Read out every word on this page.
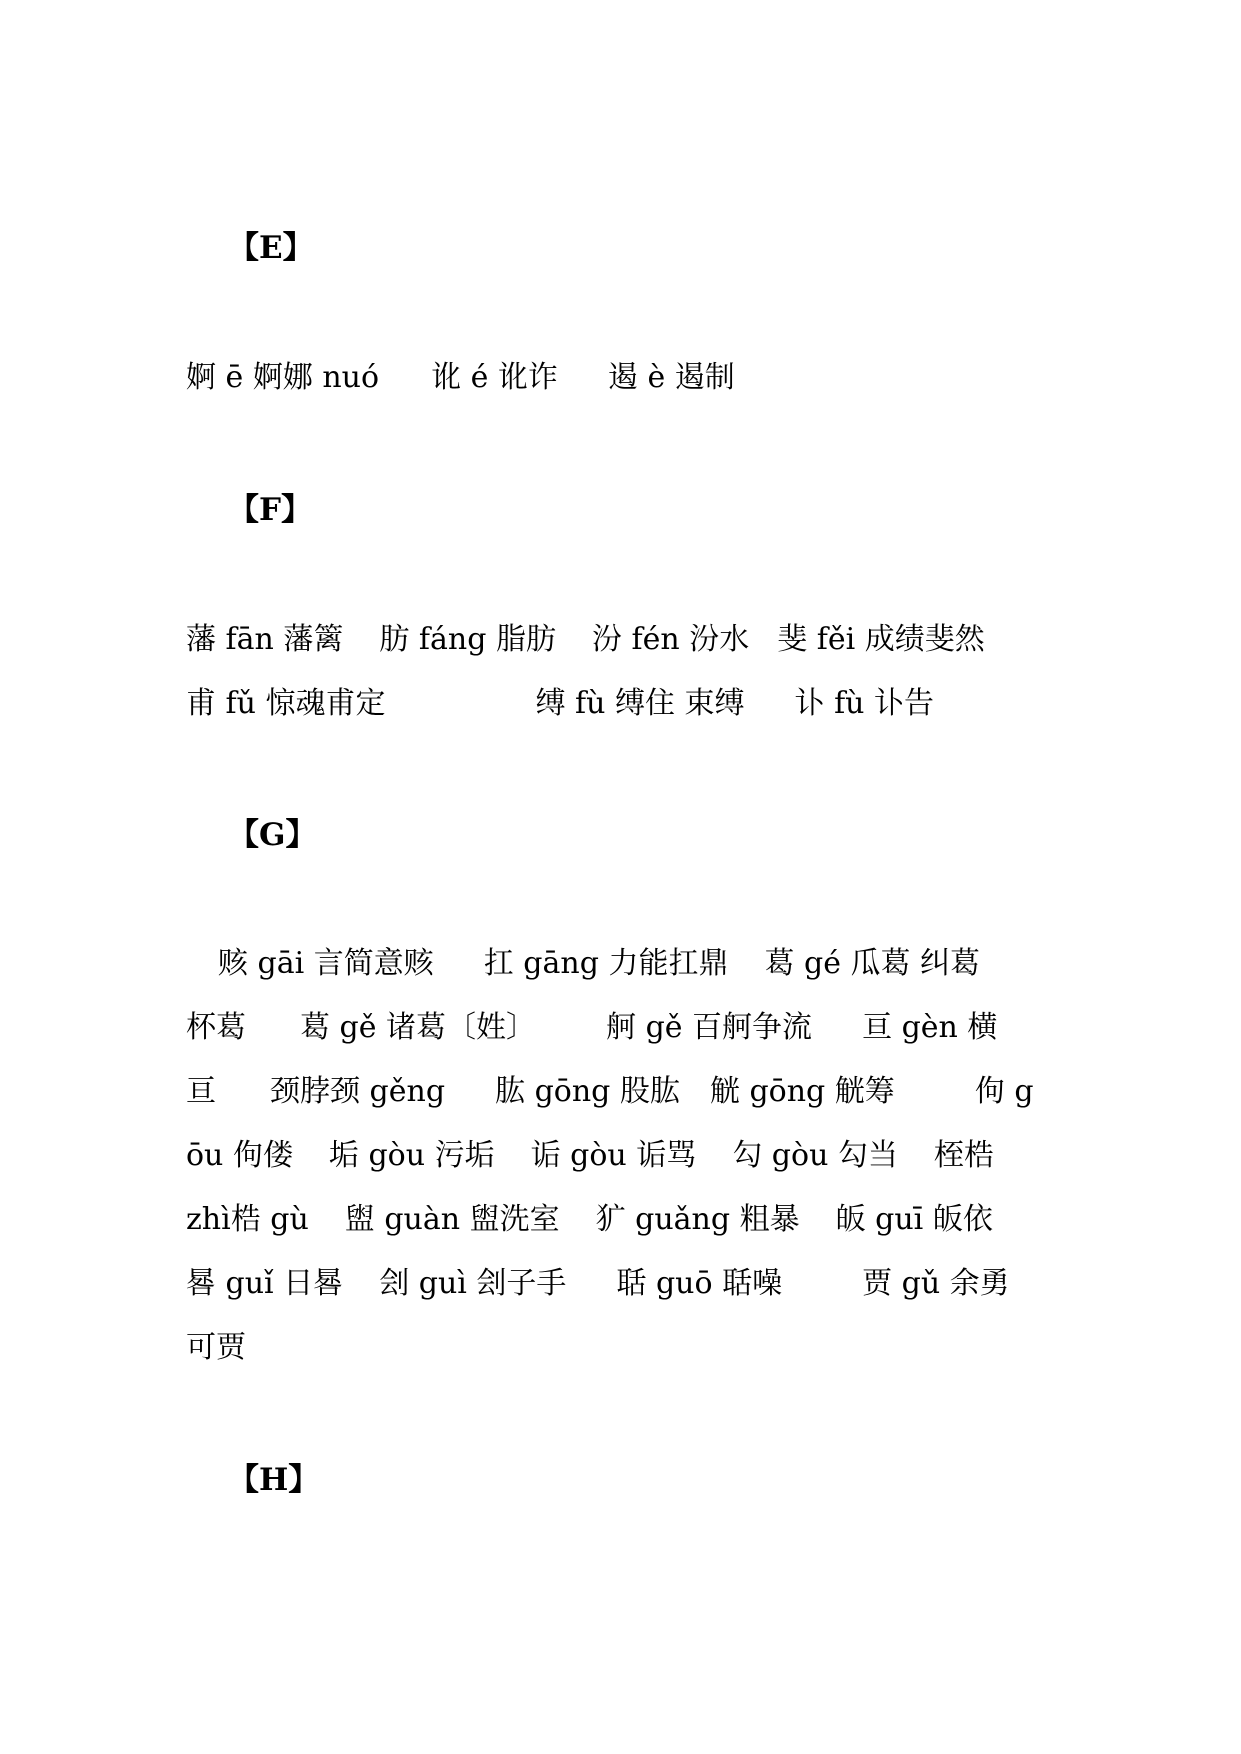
【E】
婀 ē 婀娜 nuó 讹 é 讹诈 遏 è 遏制
【F】
藩 fān 藩篱 肪 fáng 脂肪 汾 fén 汾水 斐 fěi 成绩斐然
甫 fǔ 惊魂甫定	缚 fù 缚住 束缚 讣 fù 讣告
【G】
赅 gāi 言简意赅 扛 gāng 力能扛鼎 葛 gé 瓜葛 纠葛
杯葛 葛 gě 诸葛〔姓〕 舸 gě 百舸争流 亘 gèn 横
亘 颈脖颈 gěng 肱 gōng 股肱 觥 gōng 觥筹	佝 g
ōu 佝偻 垢 gòu 污垢 诟 gòu 诟骂 勾 gòu 勾当 桎梏
zhì梏 gù 盥 guàn 盥洗室 犷 guǎng 粗暴 皈 guī 皈依
晷 guǐ 日晷 刽 guì 刽子手 聒 guō 聒噪	贾 gǔ 余勇
可贾
【H】
